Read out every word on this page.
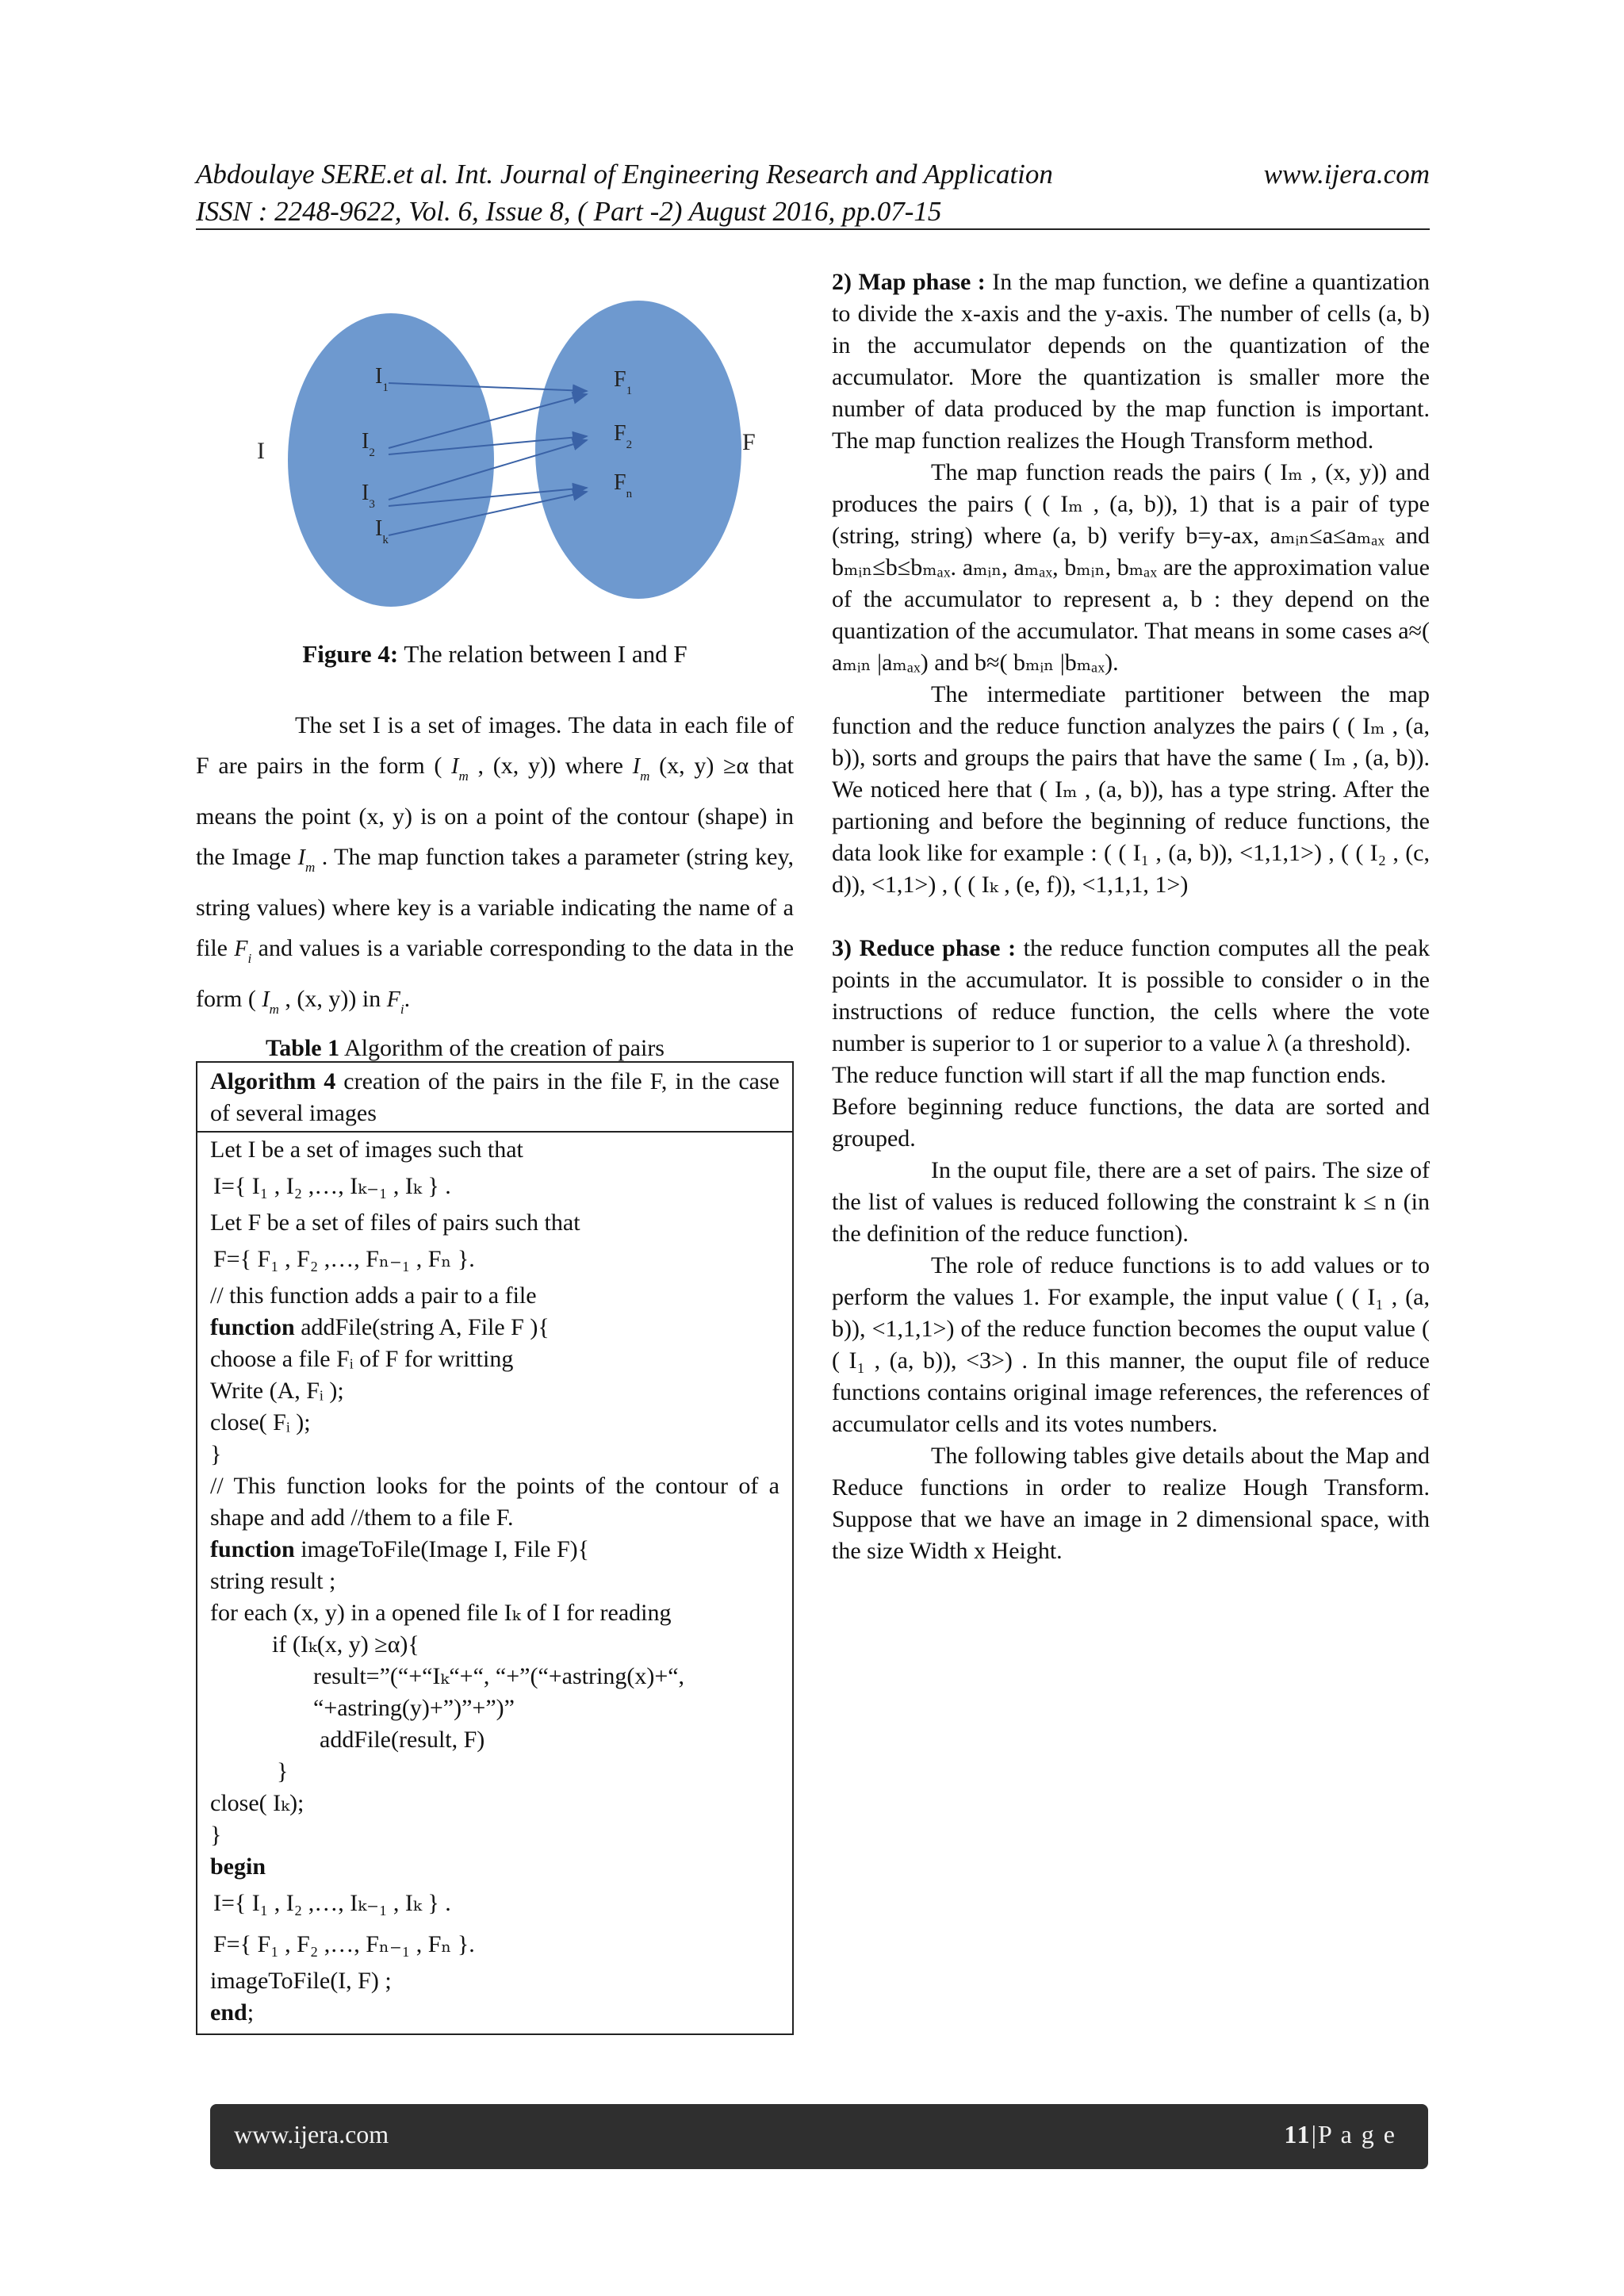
Abdoulaye SERE.et al. Int. Journal of Engineering Research and Application	www.ijera.com
ISSN : 2248-9622, Vol. 6, Issue 8, ( Part -2) August 2016, pp.07-15
I	F
$I_1$
$I_2$
$I_3$
$I_k$
$F_1$
$F_2$
$F_n$

Figure 4: The relation between I and F

The set I is a set of images. The data in each file of F are pairs in the form ( $I_m$ , (x, y)) where $I_m$ (x, y) ≥α that means the point (x, y) is on a point of the contour (shape) in the Image $I_m$ . The map function takes a parameter (string key, string values) where key is a variable indicating the name of a file $F_i$ and values is a variable corresponding to the data in the form ( $I_m$ , (x, y)) in $F_i$.

Table 1 Algorithm of the creation of pairs

Algorithm 4 creation of the pairs in the file F, in the case of several images
Let I be a set of images such that
I={ I₁ , I₂ ,…, Iₖ₋₁ , Iₖ } .
Let F be a set of files of pairs such that
F={ F₁ , F₂ ,…, Fₙ₋₁ , Fₙ }.
// this function adds a pair to a file
function addFile(string A, File F ){
choose a file Fᵢ of F for writting
Write (A, Fᵢ );
close( Fᵢ );
}
// This function looks for the points of the contour of a shape and add //them to a file F.
function imageToFile(Image I, File F){
string result ;
for each (x, y) in a opened file Iₖ of I for reading
if (Iₖ(x, y) ≥α){
result=”(“+“Iₖ“+“, “+”(“+astring(x)+“, “+astring(y)+”)”+”)”
addFile(result, F)
}
close( Iₖ);
}
begin
I={ I₁ , I₂ ,…, Iₖ₋₁ , Iₖ } .
F={ F₁ , F₂ ,…, Fₙ₋₁ , Fₙ }.
imageToFile(I, F) ;
end;

2) Map phase : In the map function, we define a quantization to divide the x-axis and the y-axis. The number of cells (a, b) in the accumulator depends on the quantization of the accumulator. More the quantization is smaller more the number of data produced by the map function is important. The map function realizes the Hough Transform method.

The map function reads the pairs ( Iₘ , (x, y)) and produces the pairs ( ( Iₘ , (a, b)), 1) that is a pair of type (string, string) where (a, b) verify b=y-ax, aₘᵢₙ≤a≤aₘₐₓ and bₘᵢₙ≤b≤bₘₐₓ. aₘᵢₙ, aₘₐₓ, bₘᵢₙ, bₘₐₓ are the approximation value of the accumulator to represent a, b : they depend on the quantization of the accumulator. That means in some cases a≈( aₘᵢₙ |aₘₐₓ) and b≈( bₘᵢₙ |bₘₐₓ).

The intermediate partitioner between the map function and the reduce function analyzes the pairs ( ( Iₘ , (a, b)), sorts and groups the pairs that have the same ( Iₘ , (a, b)). We noticed here that ( Iₘ , (a, b)), has a type string. After the partioning and before the beginning of reduce functions, the data look like for example : ( ( I₁ , (a, b)), <1,1,1>) , ( ( I₂ , (c, d)), <1,1>) , ( ( Iₖ , (e, f)), <1,1,1, 1>)

3) Reduce phase : the reduce function computes all the peak points in the accumulator. It is possible to consider o in the instructions of reduce function, the cells where the vote number is superior to 1 or superior to a value λ (a threshold).

The reduce function will start if all the map function ends.

Before beginning reduce functions, the data are sorted and grouped.

In the ouput file, there are a set of pairs. The size of the list of values is reduced following the constraint k ≤ n (in the definition of the reduce function).

The role of reduce functions is to add values or to perform the values 1. For example, the input value ( ( I₁ , (a, b)), <1,1,1>) of the reduce function becomes the ouput value ( ( I₁ , (a, b)), <3>) . In this manner, the ouput file of reduce functions contains original image references, the references of accumulator cells and its votes numbers.

The following tables give details about the Map and Reduce functions in order to realize Hough Transform. Suppose that we have an image in 2 dimensional space, with the size Width x Height.

www.ijera.com	11|P a g e
